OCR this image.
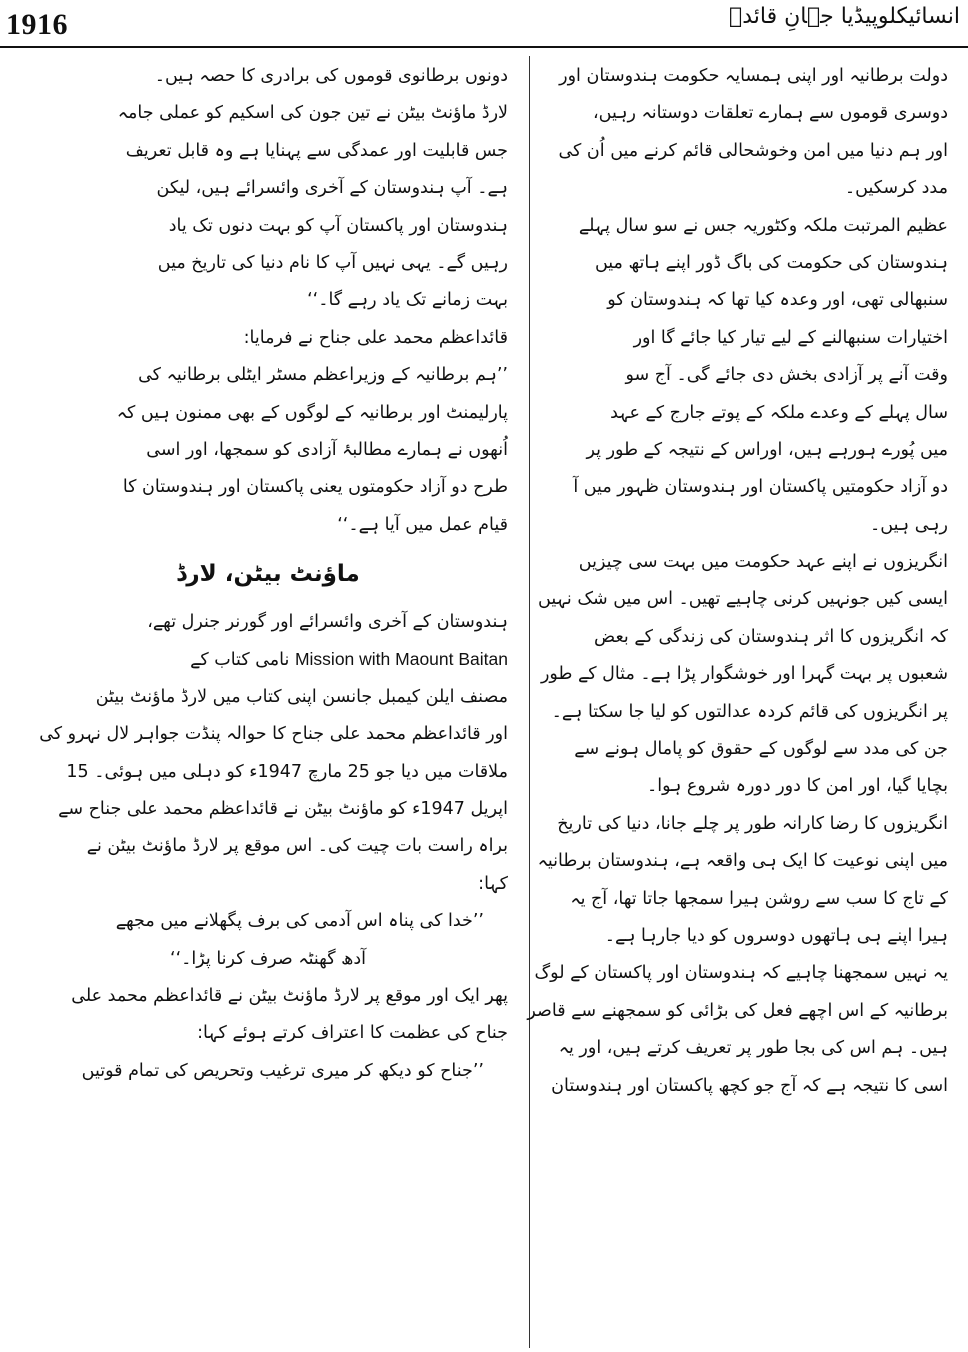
1916	انسائیکلوپیڈیا جہانِ قائدؒ
دولت برطانیہ اور اپنی ہمسایہ حکومت ہندوستان اور
دوسری قوموں سے ہمارے تعلقات دوستانہ رہیں،
اور ہم دنیا میں امن وخوشحالی قائم کرنے میں اُن کی
مدد کرسکیں۔
عظیم المرتبت ملکہ وکٹوریہ جس نے سو سال پہلے
ہندوستان کی حکومت کی باگ ڈور اپنے ہاتھ میں
سنبھالی تھی، اور وعدہ کیا تھا کہ ہندوستان کو
اختیارات سنبھالنے کے لیے تیار کیا جائے گا اور
وقت آنے پر آزادی بخش دی جائے گی۔ آج سو
سال پہلے کے وعدے ملکہ کے پوتے جارج کے عہد
میں پُورے ہورہے ہیں، اوراس کے نتیجہ کے طور پر
دو آزاد حکومتیں پاکستان اور ہندوستان ظہور میں آ
رہی ہیں۔
انگریزوں نے اپنے عہد حکومت میں بہت سی چیزیں
ایسی کیں جونہیں کرنی چاہیے تھیں۔ اس میں شک نہیں
کہ انگریزوں کا اثر ہندوستان کی زندگی کے بعض
شعبوں پر بہت گہرا اور خوشگوار پڑا ہے۔ مثال کے طور
پر انگریزوں کی قائم کردہ عدالتوں کو لیا جا سکتا ہے۔
جن کی مدد سے لوگوں کے حقوق کو پامال ہونے سے
بچایا گیا، اور امن کا دور دورہ شروع ہوا۔
انگریزوں کا رضا کارانہ طور پر چلے جانا، دنیا کی تاریخ
میں اپنی نوعیت کا ایک ہی واقعہ ہے، ہندوستان برطانیہ
کے تاج کا سب سے روشن ہیرا سمجھا جاتا تھا، آج یہ
ہیرا اپنے ہی ہاتھوں دوسروں کو دیا جارہا ہے۔
یہ نہیں سمجھنا چاہیے کہ ہندوستان اور پاکستان کے لوگ
برطانیہ کے اس اچھے فعل کی بڑائی کو سمجھنے سے قاصر
ہیں۔ ہم اس کی بجا طور پر تعریف کرتے ہیں، اور یہ
اسی کا نتیجہ ہے کہ آج جو کچھ پاکستان اور ہندوستان
دونوں برطانوی قوموں کی برادری کا حصہ ہیں۔
لارڈ ماؤنٹ بیٹن نے تین جون کی اسکیم کو عملی جامہ
جس قابلیت اور عمدگی سے پہنایا ہے وہ قابل تعریف
ہے۔ آپ ہندوستان کے آخری وائسرائے ہیں، لیکن
ہندوستان اور پاکستان آپ کو بہت دنوں تک یاد
رہیں گے۔ یہی نہیں آپ کا نام دنیا کی تاریخ میں
بہت زمانے تک یاد رہے گا۔‘‘
قائداعظم محمد علی جناح نے فرمایا:
’’ہم برطانیہ کے وزیراعظم مسٹر ایٹلی برطانیہ کی
پارلیمنٹ اور برطانیہ کے لوگوں کے بھی ممنون ہیں کہ
اُنھوں نے ہمارے مطالبۂ آزادی کو سمجھا، اور اسی
طرح دو آزاد حکومتوں یعنی پاکستان اور ہندوستان کا
قیام عمل میں آیا ہے۔‘‘
ماؤنٹ بیٹن، لارڈ
ہندوستان کے آخری وائسرائے اور گورنر جنرل تھے،
Mission with Maount Baitan نامی کتاب کے
مصنف ایلن کیمبل جانسن اپنی کتاب میں لارڈ ماؤنٹ بیٹن
اور قائداعظم محمد علی جناح کا حوالہ پنڈت جواہر لال نہرو کی
ملاقات میں دیا جو 25 مارچ 1947ء کو دہلی میں ہوئی۔ 15
اپریل 1947ء کو ماؤنٹ بیٹن نے قائداعظم محمد علی جناح سے
براہ راست بات چیت کی۔ اس موقع پر لارڈ ماؤنٹ بیٹن نے
کہا:
’’خدا کی پناہ اس آدمی کی برف پگھلانے میں مجھے
آدھ گھنٹہ صرف کرنا پڑا۔‘‘
پھر ایک اور موقع پر لارڈ ماؤنٹ بیٹن نے قائداعظم محمد علی
جناح کی عظمت کا اعتراف کرتے ہوئے کہا:
’’جناح کو دیکھ کر میری ترغیب وتحریص کی تمام قوتیں
